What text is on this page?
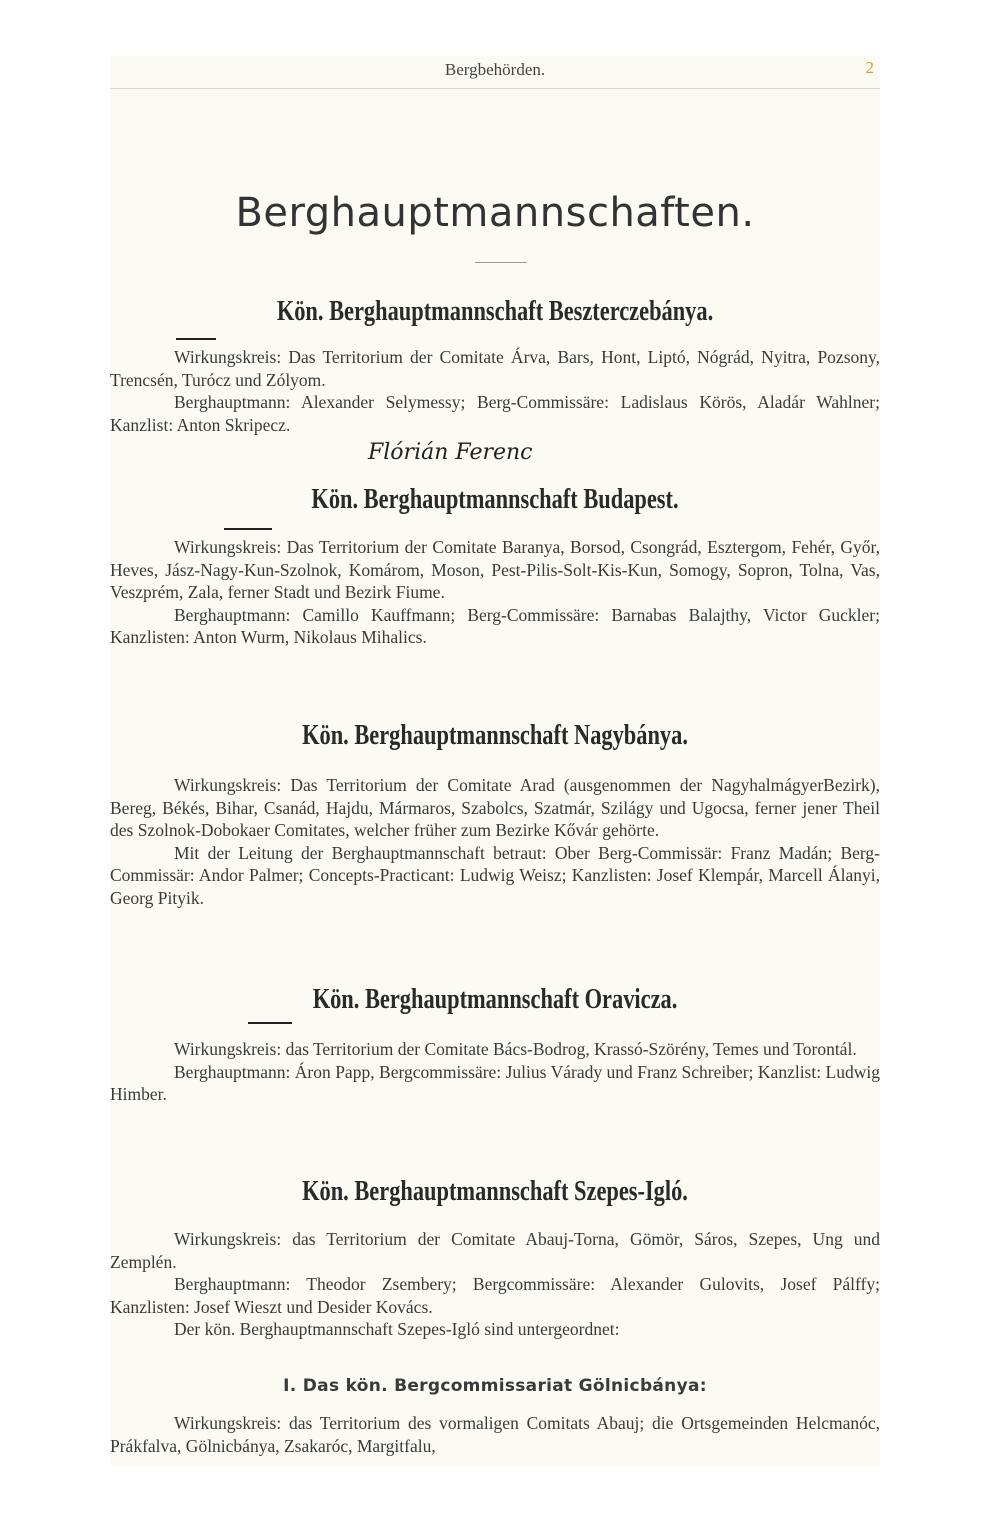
Bergbehörden.	2
Berghauptmannschaften.
Kön. Berghauptmannschaft Beszterczebánya.

Wirkungskreis: Das Territorium der Comitate Árva, Bars, Hont, Liptó, Nógrád, Nyitra, Pozsony, Trencsén, Turócz und Zólyom.

Berghauptmann: Alexander Selymessy; Berg-Commissäre: Ladislaus Körös, Aladár Wahlner; Kanzlist: Anton Skripecz.

Flórián Ferenc
Kön. Berghauptmannschaft Budapest.

Wirkungskreis: Das Territorium der Comitate Baranya, Borsod, Csongrád, Esztergom, Fehér, Győr, Heves, Jász-Nagy-Kun-Szolnok, Komárom, Moson, Pest-Pilis-Solt-Kis-Kun, Somogy, Sopron, Tolna, Vas, Veszprém, Zala, ferner Stadt und Bezirk Fiume.

Berghauptmann: Camillo Kauffmann; Berg-Commissäre: Barnabas Balajthy, Victor Guckler; Kanzlisten: Anton Wurm, Nikolaus Mihalics.

Kön. Berghauptmannschaft Nagybánya.

Wirkungskreis: Das Territorium der Comitate Arad (ausgenommen der NagyhalmágyerBezirk), Bereg, Békés, Bihar, Csanád, Hajdu, Mármaros, Szabolcs, Szatmár, Szilágy und Ugocsa, ferner jener Theil des Szolnok-Dobokaer Comitates, welcher früher zum Bezirke Kővár gehörte.

Mit der Leitung der Berghauptmannschaft betraut: Ober Berg-Commissär: Franz Madán; Berg-Commissär: Andor Palmer; Concepts-Practicant: Ludwig Weisz; Kanzlisten: Josef Klempár, Marcell Álanyi, Georg Pityik.

Kön. Berghauptmannschaft Oravicza.

Wirkungskreis: das Territorium der Comitate Bács-Bodrog, Krassó-Szörény, Temes und Torontál.

Berghauptmann: Áron Papp, Bergcommissäre: Julius Várady und Franz Schreiber; Kanzlist: Ludwig Himber.

Kön. Berghauptmannschaft Szepes-Igló.

Wirkungskreis: das Territorium der Comitate Abauj-Torna, Gömör, Sáros, Szepes, Ung und Zemplén.

Berghauptmann: Theodor Zsembery; Bergcommissäre: Alexander Gulovits, Josef Pálffy; Kanzlisten: Josef Wieszt und Desider Kovács.

Der kön. Berghauptmannschaft Szepes-Igló sind untergeordnet:

I. Das kön. Bergcommissariat Gölnicbánya:

Wirkungskreis: das Territorium des vormaligen Comitats Abauj; die Ortsgemeinden Helcmanóc, Prákfalva, Gölnicbánya, Zsakaróc, Margitfalu,
